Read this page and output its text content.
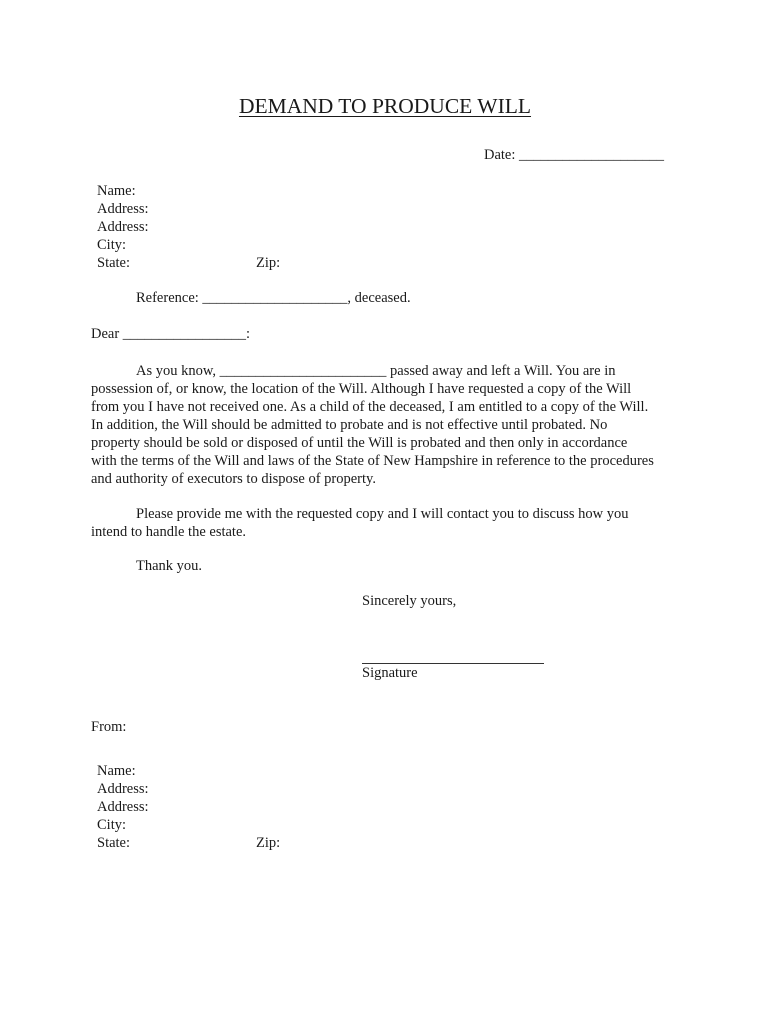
DEMAND TO PRODUCE WILL
Date: ____________________
Name:
Address:
Address:
City:
State:	Zip:
Reference: ____________________, deceased.
Dear _________________:
As you know, _______________________ passed away and left a Will. You are in
possession of, or know, the location of the Will. Although I have requested a copy of the Will
from you I have not received one. As a child of the deceased, I am entitled to a copy of the Will.
In addition, the Will should be admitted to probate and is not effective until probated. No
property should be sold or disposed of until the Will is probated and then only in accordance
with the terms of the Will and laws of the State of New Hampshire in reference to the procedures
and authority of executors to dispose of property.
Please provide me with the requested copy and I will contact you to discuss how you
intend to handle the estate.
Thank you.
Sincerely yours,
Signature
From:
Name:
Address:
Address:
City:
State:	Zip:
